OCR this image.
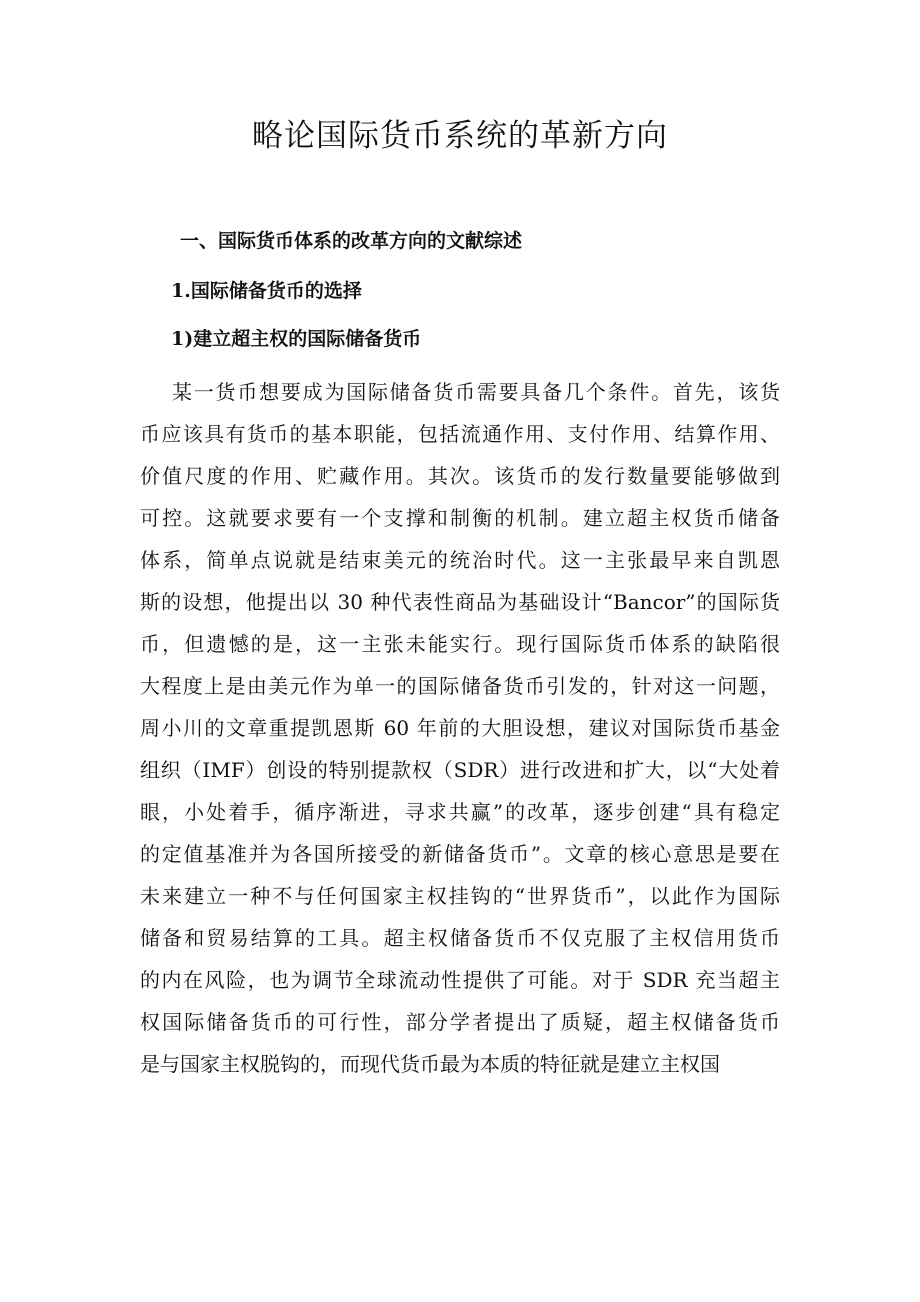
略论国际货币系统的革新方向
一、国际货币体系的改革方向的文献综述
1.国际储备货币的选择
1)建立超主权的国际储备货币
某一货币想要成为国际储备货币需要具备几个条件。首先，该货
币应该具有货币的基本职能，包括流通作用、支付作用、结算作用、
价值尺度的作用、贮藏作用。其次。该货币的发行数量要能够做到
可控。这就要求要有一个支撑和制衡的机制。建立超主权货币储备
体系，简单点说就是结束美元的统治时代。这一主张最早来自凯恩
斯的设想，他提出以 30 种代表性商品为基础设计“Bancor”的国际货
币，但遗憾的是，这一主张未能实行。现行国际货币体系的缺陷很
大程度上是由美元作为单一的国际储备货币引发的，针对这一问题，
周小川的文章重提凯恩斯 60 年前的大胆设想，建议对国际货币基金
组织（IMF）创设的特别提款权（SDR）进行改进和扩大，以“大处着
眼，小处着手，循序渐进，寻求共赢”的改革，逐步创建“具有稳定
的定值基准并为各国所接受的新储备货币”。文章的核心意思是要在
未来建立一种不与任何国家主权挂钩的“世界货币”，以此作为国际
储备和贸易结算的工具。超主权储备货币不仅克服了主权信用货币
的内在风险，也为调节全球流动性提供了可能。对于 SDR 充当超主
权国际储备货币的可行性，部分学者提出了质疑，超主权储备货币
是与国家主权脱钩的，而现代货币最为本质的特征就是建立主权国
